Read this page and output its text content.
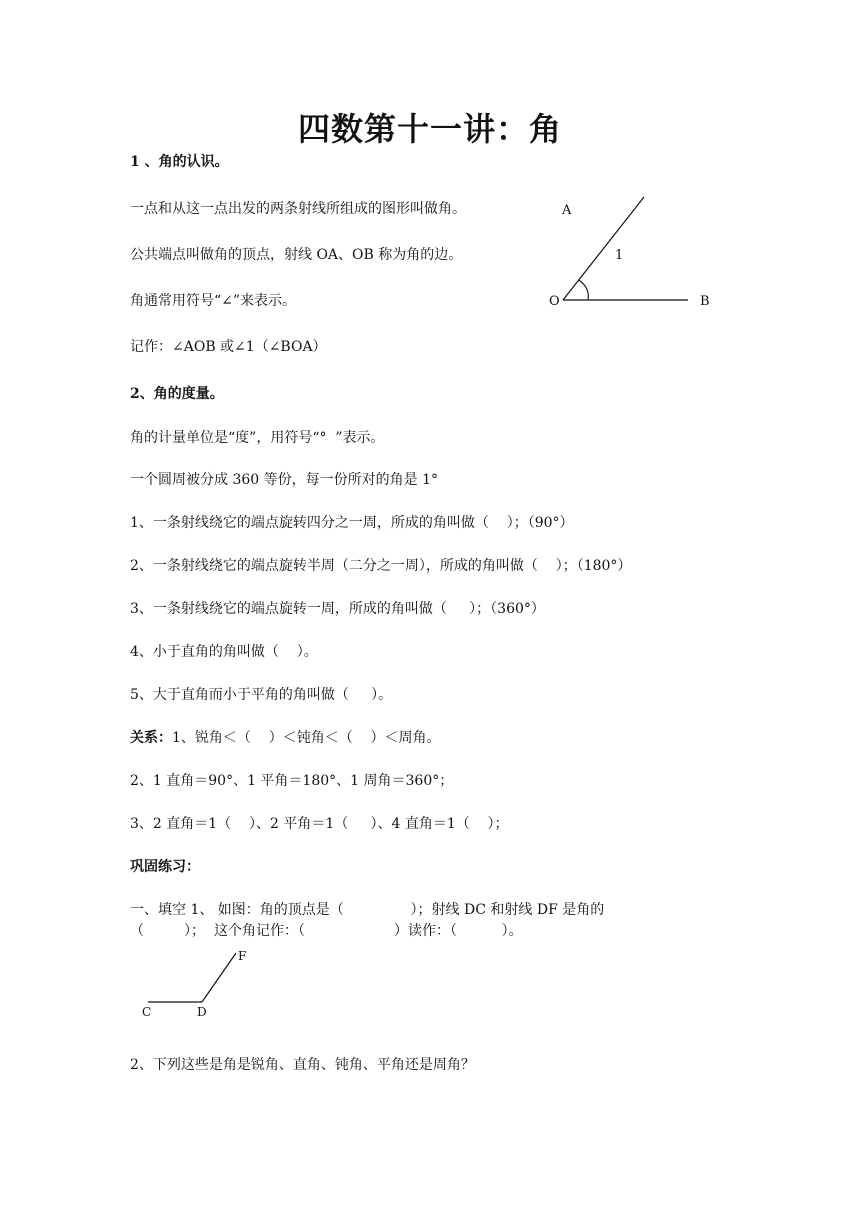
四数第十一讲：角
1 、角的认识。
一点和从这一点出发的两条射线所组成的图形叫做角。
公共端点叫做角的顶点，射线 OA、OB 称为角的边。
角通常用符号“∠”来表示。
记作：∠AOB 或∠1（∠BOA）
A
1
O	B
2、角的度量。
角的计量单位是“度”，用符号“°  ”表示。
一个圆周被分成 360 等份，每一份所对的角是 1°
1、一条射线绕它的端点旋转四分之一周，所成的角叫做（    ）；（90°）
2、一条射线绕它的端点旋转半周（二分之一周），所成的角叫做（    ）；（180°）
3、一条射线绕它的端点旋转一周，所成的角叫做（     ）；（360°）
4、小于直角的角叫做（    ）。
5、大于直角而小于平角的角叫做（     ）。
关系：1、锐角＜（    ）＜钝角＜（    ）＜周角。
2、1 直角＝90°、1 平角＝180°、1 周角＝360°；
3、2 直角＝1（    ）、2 平角＝1（     ）、4 直角＝1（    ）；
巩固练习：
一、填空 1、 如图：角的顶点是（               ）；射线 DC 和射线 DF 是角的
（         ）；  这个角记作：（                    ）读作：（          ）。
C	D
F
2、下列这些是角是锐角、直角、钝角、平角还是周角？
